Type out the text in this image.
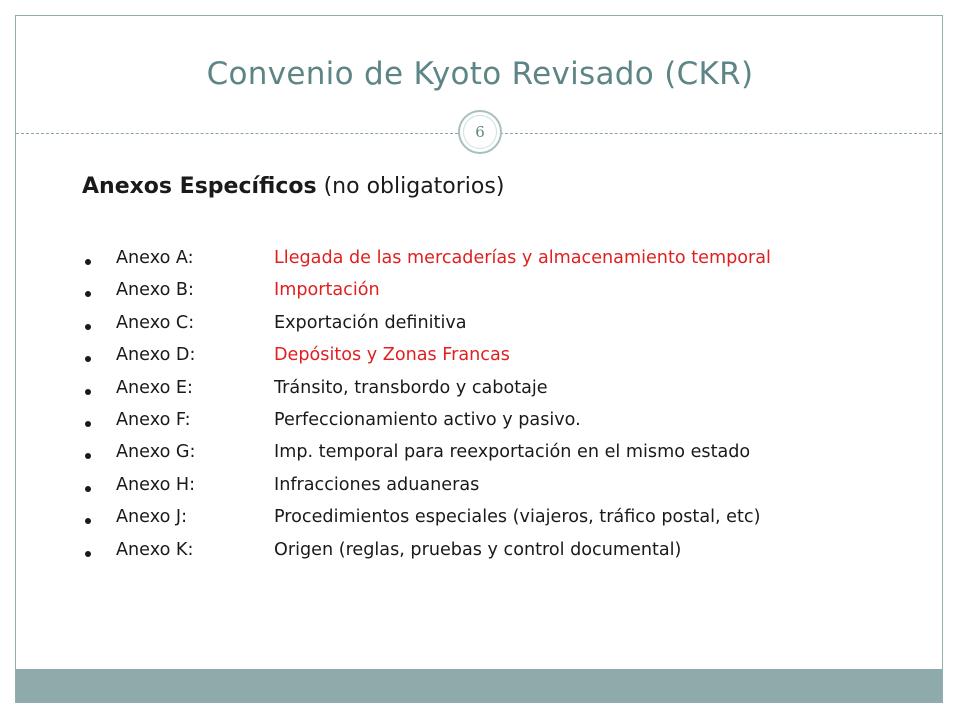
Convenio de Kyoto Revisado (CKR)
6
Anexos Específicos (no obligatorios)
Anexo A:	Llegada de las mercaderías y almacenamiento temporal
Anexo B:	Importación
Anexo C:	Exportación definitiva
Anexo D:	Depósitos y Zonas Francas
Anexo E:	Tránsito, transbordo y cabotaje
Anexo F:	Perfeccionamiento activo y pasivo.
Anexo G:	Imp. temporal para reexportación en el mismo estado
Anexo H:	Infracciones aduaneras
Anexo J:	Procedimientos especiales (viajeros, tráfico postal, etc)
Anexo K:	Origen (reglas, pruebas y control documental)
